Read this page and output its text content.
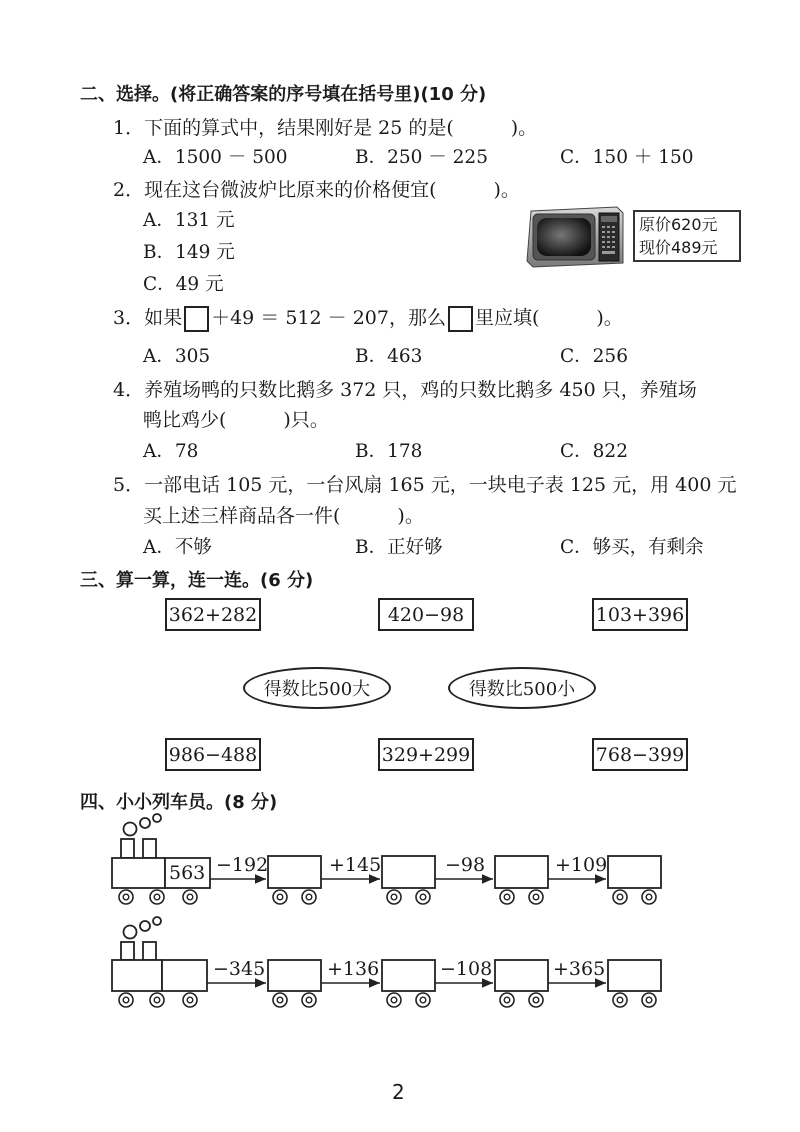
二、选择。(将正确答案的序号填在括号里)(10 分)
1．下面的算式中，结果刚好是 25 的是(　　　)。
A．1500 － 500	B．250 － 225	C．150 ＋ 150
2．现在这台微波炉比原来的价格便宜(　　　)。
A．131 元
B．149 元
C．49 元
原价620元
现价489元
3．如果 ＋49 ＝ 512 － 207，那么 里应填(　　　)。
A．305	B．463	C．256
4．养殖场鸭的只数比鹅多 372 只，鸡的只数比鹅多 450 只，养殖场
鸭比鸡少(　　　)只。
A．78	B．178	C．822
5．一部电话 105 元，一台风扇 165 元，一块电子表 125 元，用 400 元
买上述三样商品各一件(　　　)。
A．不够	B．正好够	C．够买，有剩余
三、算一算，连一连。(6 分)
362+282	420−98	103+396
得数比500大	得数比500小
986−488	329+299	768−399
四、小小列车员。(8 分)
563 −192	+145	−98	+109
−345	+136	−108	+365
2
